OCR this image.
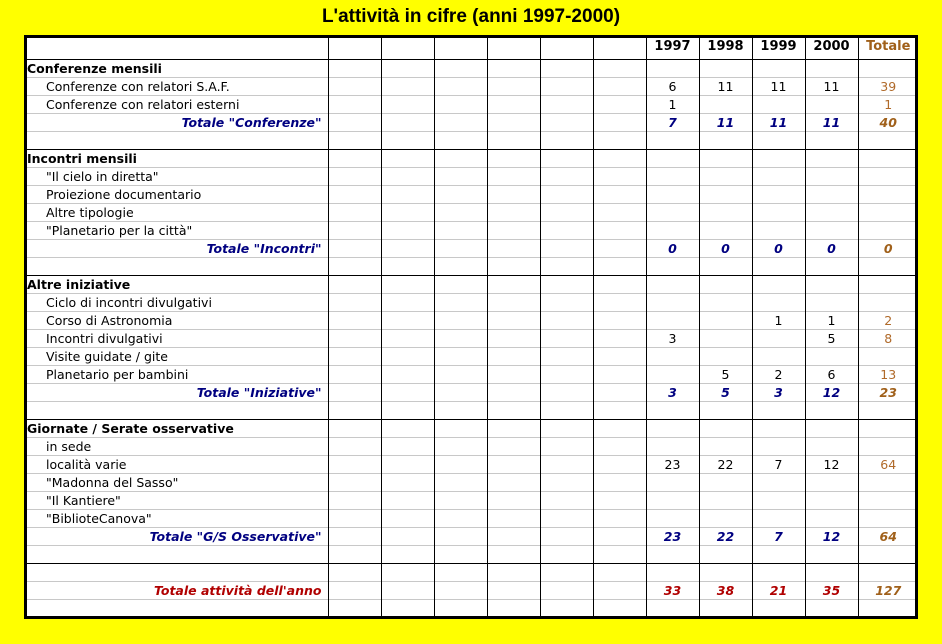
L'attività in cifre (anni 1997-2000)
							1997	1998	1999	2000	Totale
Conferenze mensili											
Conferenze con relatori S.A.F.							6	11	11	11	39
Conferenze con relatori esterni							1				1
Totale "Conferenze"							7	11	11	11	40

Incontri mensili											
"Il cielo in diretta"											
Proiezione documentario											
Altre tipologie											
"Planetario per la città"											
Totale "Incontri"							0	0	0	0	0

Altre iniziative											
Ciclo di incontri divulgativi											
Corso di Astronomia									1	1	2
Incontri divulgativi							3			5	8
Visite guidate / gite											
Planetario per bambini								5	2	6	13
Totale "Iniziative"							3	5	3	12	23

Giornate / Serate osservative											
in sede											
località varie							23	22	7	12	64
"Madonna del Sasso"											
"Il Kantiere"											
"BiblioteCanova"											
Totale "G/S Osservative"							23	22	7	12	64

Totale attività dell'anno							33	38	21	35	127
